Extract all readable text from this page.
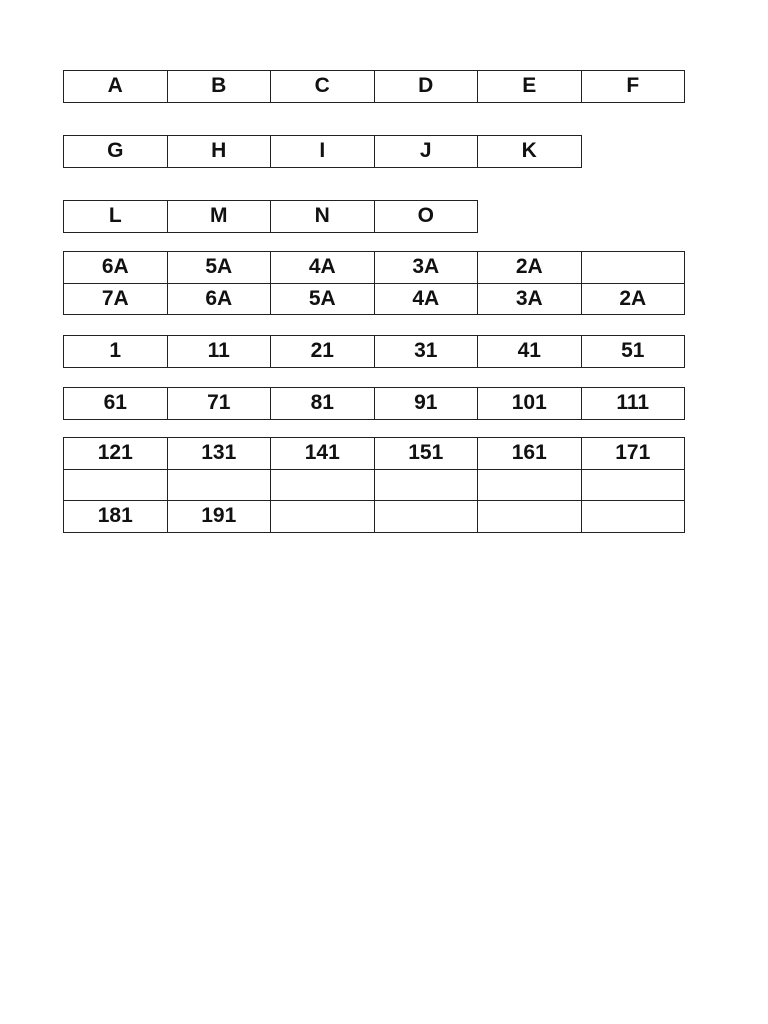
A	B	C	D	E	F
G	H	I	J	K
L	M	N	O
6A	5A	4A	3A	2A	
7A	6A	5A	4A	3A	2A
1	11	21	31	41	51
61	71	81	91	101	111
121	131	141	151	161	171

181	191				
